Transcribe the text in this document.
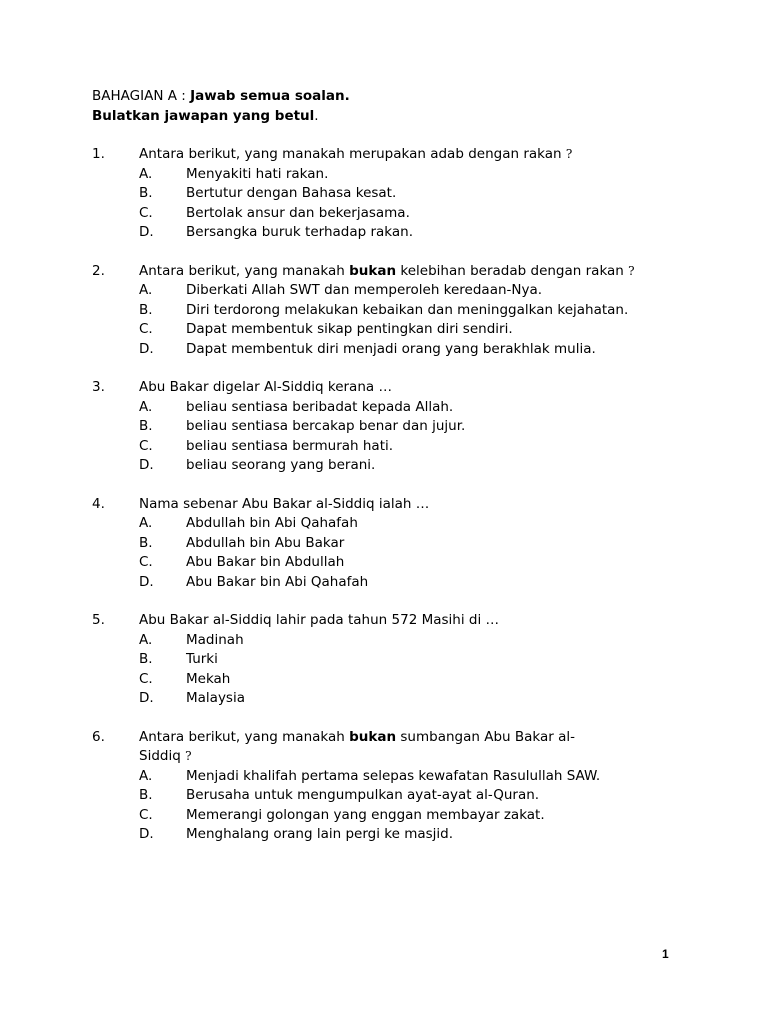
BAHAGIAN A : Jawab semua soalan.
Bulatkan jawapan yang betul.
1.	Antara berikut, yang manakah merupakan adab dengan rakan ?
A.	Menyakiti hati rakan.
B.	Bertutur dengan Bahasa kesat.
C.	Bertolak ansur dan bekerjasama.
D.	Bersangka buruk terhadap rakan.
2.	Antara berikut, yang manakah bukan kelebihan beradab dengan rakan ?
A.	Diberkati Allah SWT dan memperoleh keredaan-Nya.
B.	Diri terdorong melakukan kebaikan dan meninggalkan kejahatan.
C.	Dapat membentuk sikap pentingkan diri sendiri.
D.	Dapat membentuk diri menjadi orang yang berakhlak mulia.
3.	Abu Bakar digelar Al-Siddiq kerana …
A.	beliau sentiasa beribadat kepada Allah.
B.	beliau sentiasa bercakap benar dan jujur.
C.	beliau sentiasa bermurah hati.
D.	beliau seorang yang berani.
4.	Nama sebenar Abu Bakar al-Siddiq ialah …
A.	Abdullah bin Abi Qahafah
B.	Abdullah bin Abu Bakar
C.	Abu Bakar bin Abdullah
D.	Abu Bakar bin Abi Qahafah
5.	Abu Bakar al-Siddiq lahir pada tahun 572 Masihi di …
A.	Madinah
B.	Turki
C.	Mekah
D.	Malaysia
6.	Antara berikut, yang manakah bukan sumbangan Abu Bakar al-Siddiq ?
A.	Menjadi khalifah pertama selepas kewafatan Rasulullah SAW.
B.	Berusaha untuk mengumpulkan ayat-ayat al-Quran.
C.	Memerangi golongan yang enggan membayar zakat.
D.	Menghalang orang lain pergi ke masjid.
1
